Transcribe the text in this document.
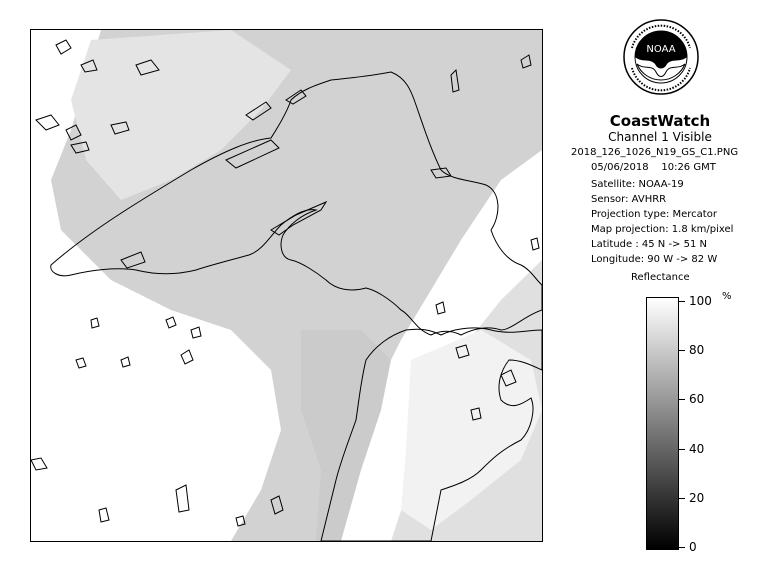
NOAA
CoastWatch
Channel 1 Visible
2018_126_1026_N19_GS_C1.PNG
05/06/2018    10:26 GMT
Satellite: NOAA-19
Sensor: AVHRR
Projection type: Mercator
Map projection: 1.8 km/pixel
Latitude : 45 N -> 51 N
Longitude: 90 W -> 82 W
Reflectance
%
100
80
60
40
20
0
